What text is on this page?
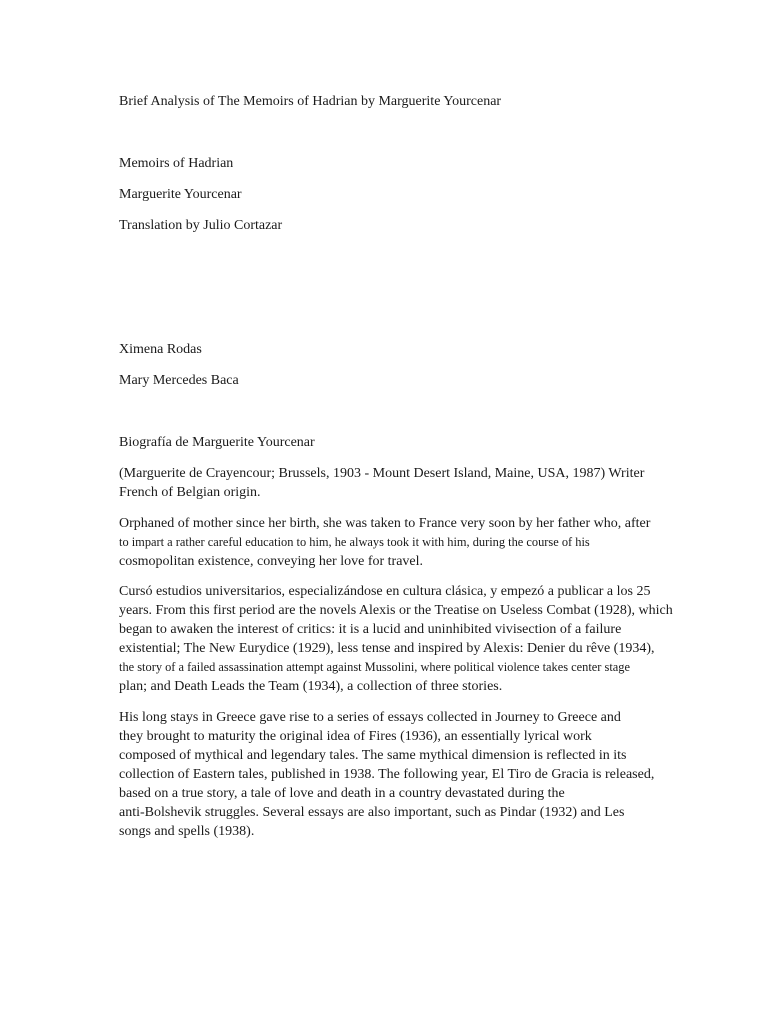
Brief Analysis of The Memoirs of Hadrian by Marguerite Yourcenar

Memoirs of Hadrian

Marguerite Yourcenar

Translation by Julio Cortazar

Ximena Rodas

Mary Mercedes Baca

Biografía de Marguerite Yourcenar

(Marguerite de Crayencour; Brussels, 1903 - Mount Desert Island, Maine, USA, 1987) Writer
French of Belgian origin.
Orphaned of mother since her birth, she was taken to France very soon by her father who, after
to impart a rather careful education to him, he always took it with him, during the course of his
cosmopolitan existence, conveying her love for travel.
Cursó estudios universitarios, especializándose en cultura clásica, y empezó a publicar a los 25
years. From this first period are the novels Alexis or the Treatise on Useless Combat (1928), which
began to awaken the interest of critics: it is a lucid and uninhibited vivisection of a failure
existential; The New Eurydice (1929), less tense and inspired by Alexis: Denier du rêve (1934),
the story of a failed assassination attempt against Mussolini, where political violence takes center stage
plan; and Death Leads the Team (1934), a collection of three stories.
His long stays in Greece gave rise to a series of essays collected in Journey to Greece and
they brought to maturity the original idea of Fires (1936), an essentially lyrical work
composed of mythical and legendary tales. The same mythical dimension is reflected in its
collection of Eastern tales, published in 1938. The following year, El Tiro de Gracia is released,
based on a true story, a tale of love and death in a country devastated during the
anti-Bolshevik struggles. Several essays are also important, such as Pindar (1932) and Les
songs and spells (1938).
